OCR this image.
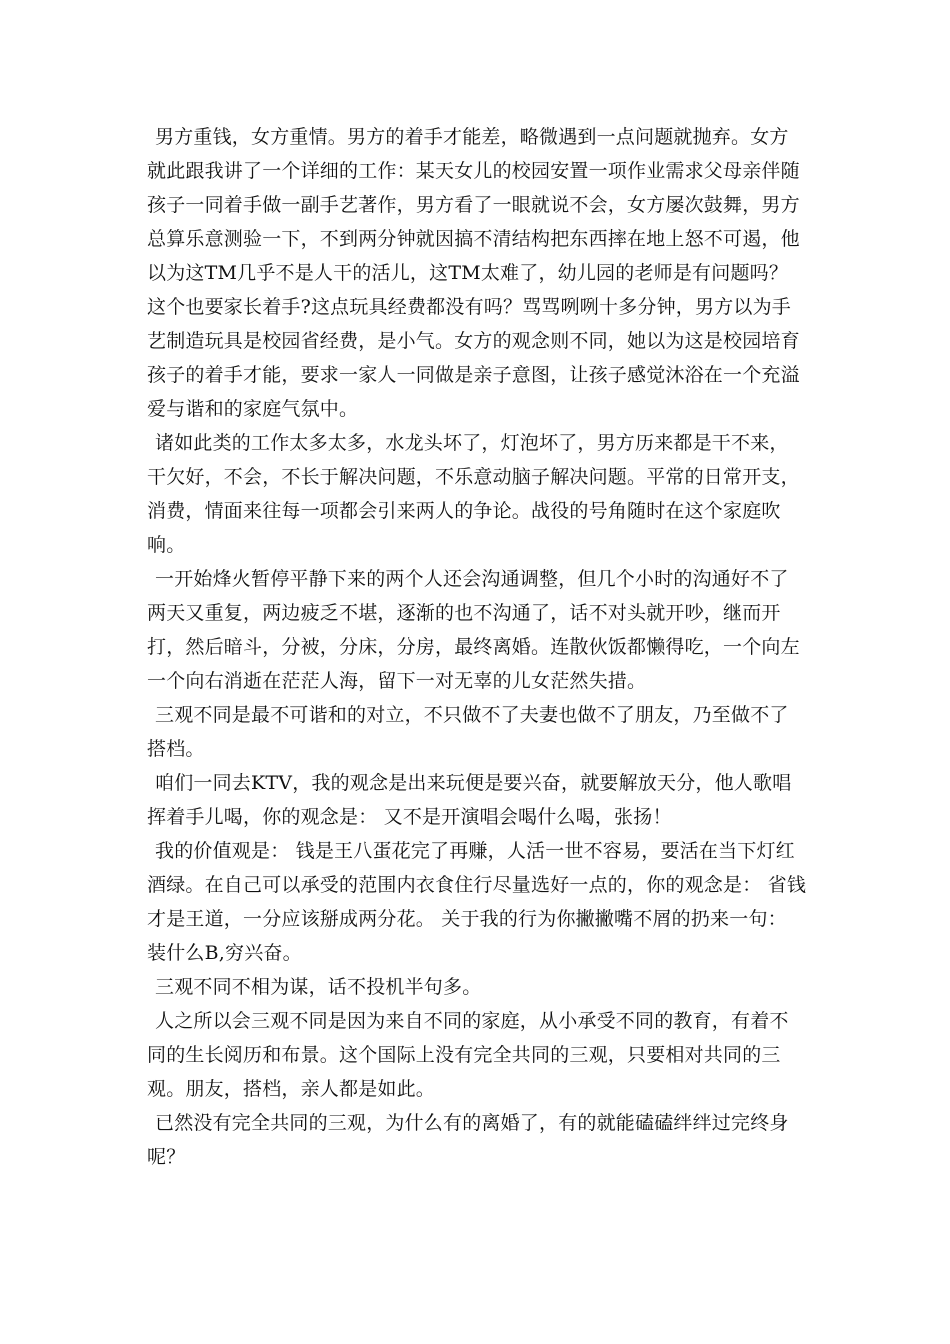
男方重钱，女方重情。男方的着手才能差，略微遇到一点问题就抛弃。女方就此跟我讲了一个详细的工作：某天女儿的校园安置一项作业需求父母亲伴随孩子一同着手做一副手艺著作，男方看了一眼就说不会，女方屡次鼓舞，男方总算乐意测验一下，不到两分钟就因搞不清结构把东西摔在地上怒不可遏，他以为这TM几乎不是人干的活儿，这TM太难了，幼儿园的老师是有问题吗？这个也要家长着手?这点玩具经费都没有吗？骂骂咧咧十多分钟，男方以为手艺制造玩具是校园省经费，是小气。女方的观念则不同，她以为这是校园培育孩子的着手才能，要求一家人一同做是亲子意图，让孩子感觉沐浴在一个充溢爱与谐和的家庭气氛中。

诸如此类的工作太多太多，水龙头坏了，灯泡坏了，男方历来都是干不来，干欠好，不会，不长于解决问题，不乐意动脑子解决问题。平常的日常开支，消费，情面来往每一项都会引来两人的争论。战役的号角随时在这个家庭吹响。

一开始烽火暂停平静下来的两个人还会沟通调整，但几个小时的沟通好不了两天又重复，两边疲乏不堪，逐渐的也不沟通了，话不对头就开吵，继而开打，然后暗斗，分被，分床，分房，最终离婚。连散伙饭都懒得吃，一个向左一个向右消逝在茫茫人海，留下一对无辜的儿女茫然失措。

三观不同是最不可谐和的对立，不只做不了夫妻也做不了朋友，乃至做不了搭档。

咱们一同去KTV，我的观念是出来玩便是要兴奋，就要解放天分，他人歌唱挥着手儿喝，你的观念是： 又不是开演唱会喝什么喝，张扬！

我的价值观是： 钱是王八蛋花完了再赚，人活一世不容易，要活在当下灯红酒绿。在自己可以承受的范围内衣食住行尽量选好一点的，你的观念是： 省钱才是王道，一分应该掰成两分花。 关于我的行为你撇撇嘴不屑的扔来一句： 装什么B,穷兴奋。

三观不同不相为谋，话不投机半句多。

人之所以会三观不同是因为来自不同的家庭，从小承受不同的教育，有着不同的生长阅历和布景。这个国际上没有完全共同的三观，只要相对共同的三观。朋友，搭档，亲人都是如此。

已然没有完全共同的三观，为什么有的离婚了，有的就能磕磕绊绊过完终身呢？
